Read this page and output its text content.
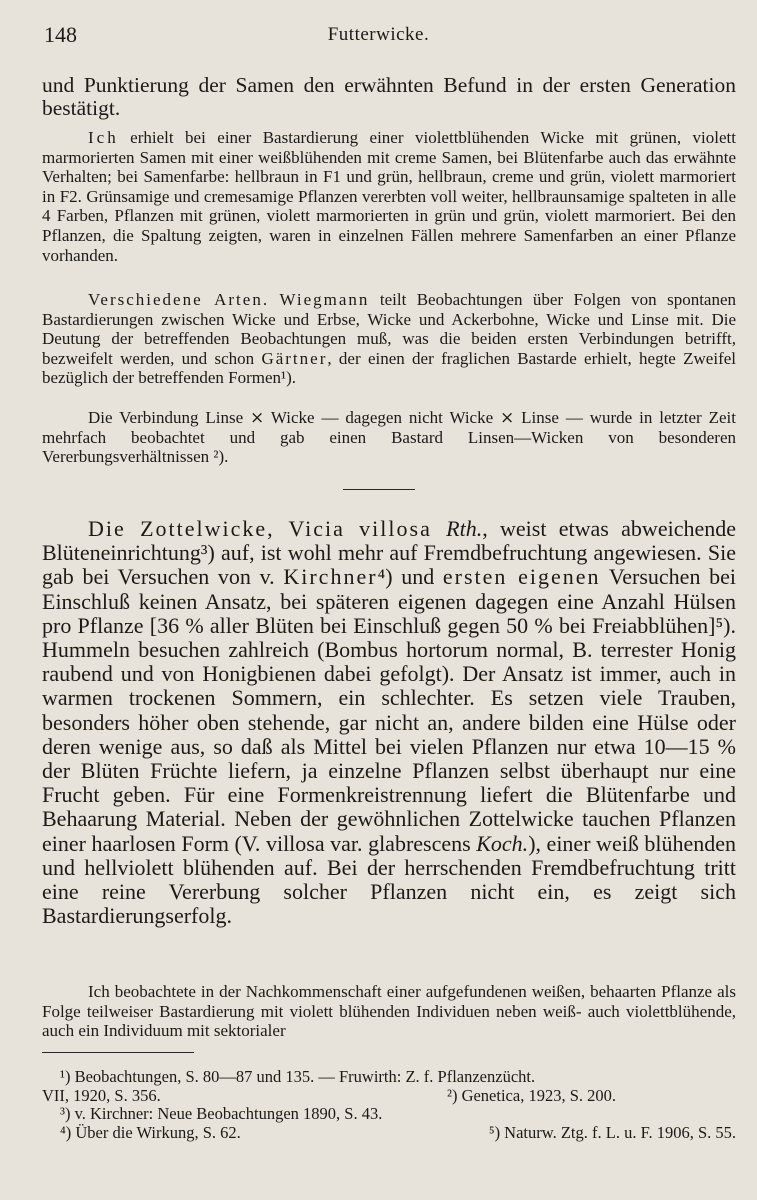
148	Futterwicke.

und Punktierung der Samen den erwähnten Befund in der ersten Generation bestätigt.

Ich erhielt bei einer Bastardierung einer violettblühenden Wicke mit grünen, violett marmorierten Samen mit einer weißblühenden mit creme Samen, bei Blütenfarbe auch das erwähnte Verhalten; bei Samenfarbe: hellbraun in F1 und grün, hellbraun, creme und grün, violett marmoriert in F2. Grünsamige und cremesamige Pflanzen vererbten voll weiter, hellbraunsamige spalteten in alle 4 Farben, Pflanzen mit grünen, violett marmorierten in grün und grün, violett marmoriert. Bei den Pflanzen, die Spaltung zeigten, waren in einzelnen Fällen mehrere Samenfarben an einer Pflanze vorhanden.

Verschiedene Arten. Wiegmann teilt Beobachtungen über Folgen von spontanen Bastardierungen zwischen Wicke und Erbse, Wicke und Ackerbohne, Wicke und Linse mit. Die Deutung der betreffenden Beobachtungen muß, was die beiden ersten Verbindungen betrifft, bezweifelt werden, und schon Gärtner, der einen der fraglichen Bastarde erhielt, hegte Zweifel bezüglich der betreffenden Formen¹).

Die Verbindung Linse ⨯ Wicke — dagegen nicht Wicke ⨯ Linse — wurde in letzter Zeit mehrfach beobachtet und gab einen Bastard Linsen—Wicken von besonderen Vererbungsverhältnissen ²).

Die Zottelwicke, Vicia villosa Rth., weist etwas abweichende Blüteneinrichtung³) auf, ist wohl mehr auf Fremdbefruchtung angewiesen. Sie gab bei Versuchen von v. Kirchner⁴) und ersten eigenen Versuchen bei Einschluß keinen Ansatz, bei späteren eigenen dagegen eine Anzahl Hülsen pro Pflanze [36 % aller Blüten bei Einschluß gegen 50 % bei Freiabblühen]⁵). Hummeln besuchen zahlreich (Bombus hortorum normal, B. terrester Honig raubend und von Honigbienen dabei gefolgt). Der Ansatz ist immer, auch in warmen trockenen Sommern, ein schlechter. Es setzen viele Trauben, besonders höher oben stehende, gar nicht an, andere bilden eine Hülse oder deren wenige aus, so daß als Mittel bei vielen Pflanzen nur etwa 10—15 % der Blüten Früchte liefern, ja einzelne Pflanzen selbst überhaupt nur eine Frucht geben. Für eine Formenkreistrennung liefert die Blütenfarbe und Behaarung Material. Neben der gewöhnlichen Zottelwicke tauchen Pflanzen einer haarlosen Form (V. villosa var. glabrescens Koch.), einer weiß blühenden und hellviolett blühenden auf. Bei der herrschenden Fremdbefruchtung tritt eine reine Vererbung solcher Pflanzen nicht ein, es zeigt sich Bastardierungserfolg.

Ich beobachtete in der Nachkommenschaft einer aufgefundenen weißen, behaarten Pflanze als Folge teilweiser Bastardierung mit violett blühenden Individuen neben weiß- auch violettblühende, auch ein Individuum mit sektorialer

¹) Beobachtungen, S. 80—87 und 135. — Fruwirth: Z. f. Pflanzenzücht.
VII, 1920, S. 356.	²) Genetica, 1923, S. 200.
³) v. Kirchner: Neue Beobachtungen 1890, S. 43.
⁴) Über die Wirkung, S. 62.	⁵) Naturw. Ztg. f. L. u. F. 1906, S. 55.
